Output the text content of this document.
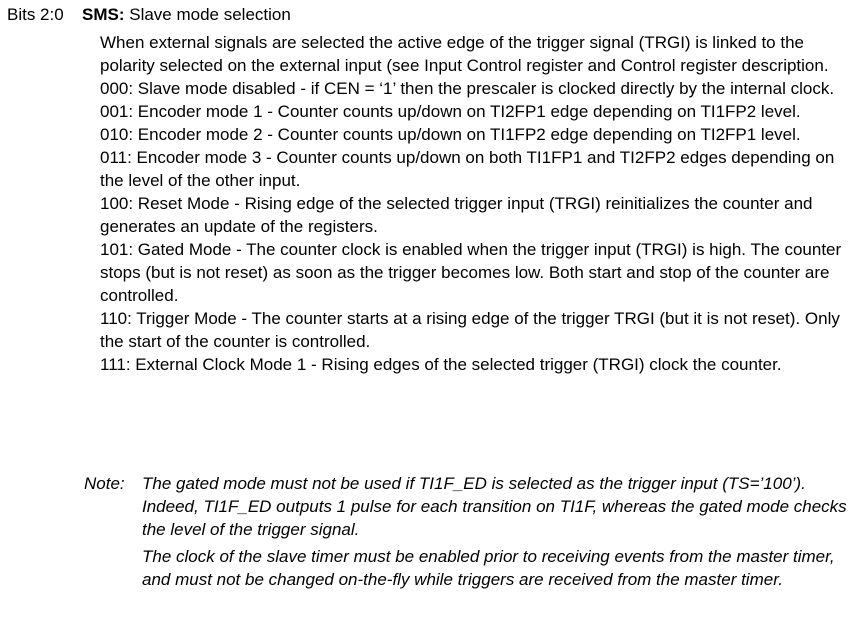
Bits 2:0 SMS: Slave mode selection

When external signals are selected the active edge of the trigger signal (TRGI) is linked to the polarity selected on the external input (see Input Control register and Control register description.

000: Slave mode disabled - if CEN = ‘1’ then the prescaler is clocked directly by the internal clock.

001: Encoder mode 1 - Counter counts up/down on TI2FP1 edge depending on TI1FP2 level.

010: Encoder mode 2 - Counter counts up/down on TI1FP2 edge depending on TI2FP1 level.

011: Encoder mode 3 - Counter counts up/down on both TI1FP1 and TI2FP2 edges depending on the level of the other input.

100: Reset Mode - Rising edge of the selected trigger input (TRGI) reinitializes the counter and generates an update of the registers.

101: Gated Mode - The counter clock is enabled when the trigger input (TRGI) is high. The counter stops (but is not reset) as soon as the trigger becomes low. Both start and stop of the counter are controlled.

110: Trigger Mode - The counter starts at a rising edge of the trigger TRGI (but it is not reset). Only the start of the counter is controlled.

111: External Clock Mode 1 - Rising edges of the selected trigger (TRGI) clock the counter.

Note: The gated mode must not be used if TI1F_ED is selected as the trigger input (TS=’100’). Indeed, TI1F_ED outputs 1 pulse for each transition on TI1F, whereas the gated mode checks the level of the trigger signal.

The clock of the slave timer must be enabled prior to receiving events from the master timer, and must not be changed on-the-fly while triggers are received from the master timer.
